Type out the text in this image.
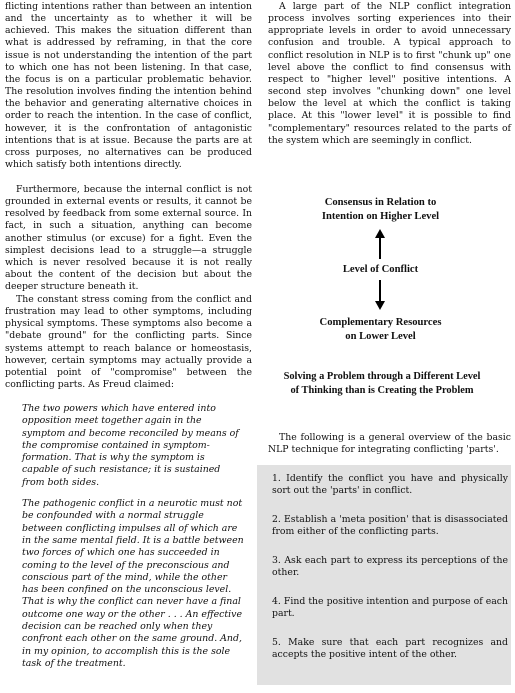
flicting intentions rather than between an intention and the uncertainty as to whether it will be achieved. This makes the situation different than what is addressed by reframing, in that the core issue is not understanding the intention of the part to which one has not been listening. In that case, the focus is on a particular problematic behavior. The resolution involves finding the intention behind the behavior and generating alternative choices in order to reach the intention. In the case of conflict, however, it is the confrontation of antagonistic intentions that is at issue. Because the parts are at cross purposes, no alternatives can be produced which satisfy both intentions directly.

Furthermore, because the internal conflict is not grounded in external events or results, it cannot be resolved by feedback from some external source. In fact, in such a situation, anything can become another stimulus (or excuse) for a fight. Even the simplest decisions lead to a struggle—a struggle which is never resolved because it is not really about the content of the decision but about the deeper structure beneath it.

The constant stress coming from the conflict and frustration may lead to other symptoms, including physical symptoms. These symptoms also become a "debate ground" for the conflicting parts. Since systems attempt to reach balance or homeostasis, however, certain symptoms may actually provide a potential point of "compromise" between the conflicting parts. As Freud claimed:

The two powers which have entered into opposition meet together again in the symptom and become reconciled by means of the compromise contained in symptom-formation. That is why the symptom is capable of such resistance; it is sustained from both sides.

The pathogenic conflict in a neurotic must not be confounded with a normal struggle between conflicting impulses all of which are in the same mental field. It is a battle between two forces of which one has succeeded in coming to the level of the preconscious and conscious part of the mind, while the other has been confined on the unconscious level. That is why the conflict can never have a final outcome one way or the other . . . An effective decision can be reached only when they confront each other on the same ground. And, in my opinion, to accomplish this is the sole task of the treatment.

A large part of the NLP conflict integration process involves sorting experiences into their appropriate levels in order to avoid unnecessary confusion and trouble. A typical approach to conflict resolution in NLP is to first "chunk up" one level above the conflict to find consensus with respect to "higher level" positive intentions. A second step involves "chunking down" one level below the level at which the conflict is taking place. At this "lower level" it is possible to find "complementary" resources related to the parts of the system which are seemingly in conflict.

Consensus in Relation to
Intention on Higher Level
Level of Conflict
Complementary Resources
on Lower Level
Solving a Problem through a Different Level
of Thinking than is Creating the Problem

The following is a general overview of the basic NLP technique for integrating conflicting 'parts'.

1. Identify the conflict you have and physically sort out the 'parts' in conflict.

2. Establish a 'meta position' that is disassociated from either of the conflicting parts.

3. Ask each part to express its perceptions of the other.

4. Find the positive intention and purpose of each part.

5. Make sure that each part recognizes and accepts the positive intent of the other.
